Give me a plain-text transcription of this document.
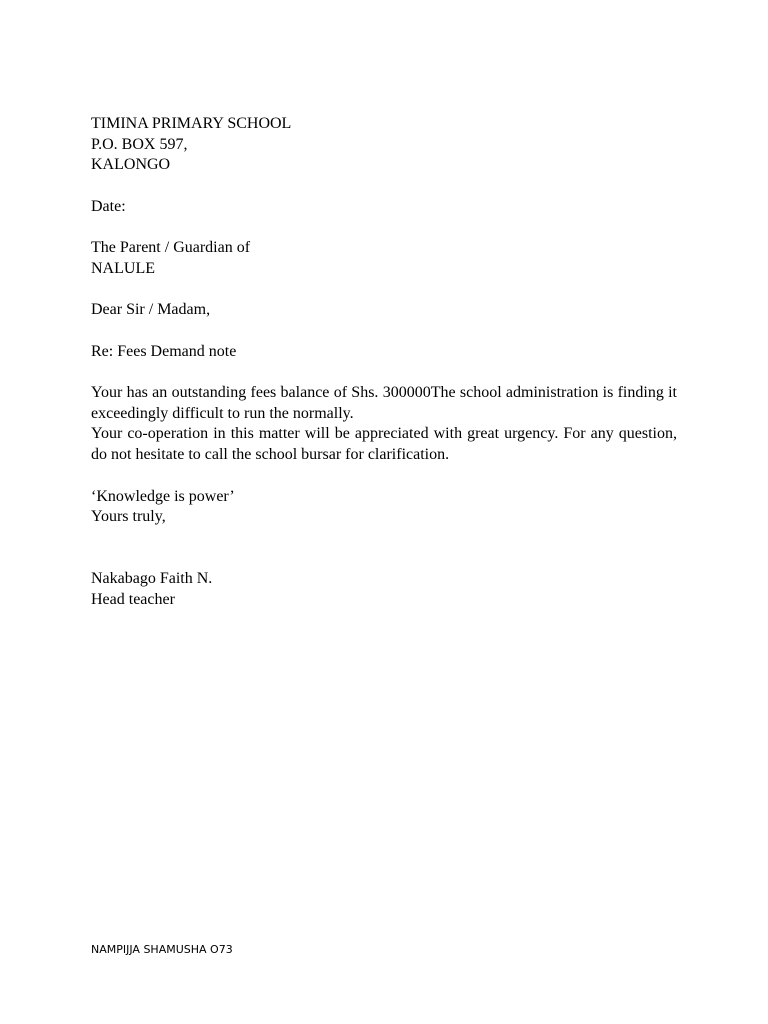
TIMINA PRIMARY SCHOOL
P.O. BOX 597,
KALONGO
Date:
The Parent / Guardian of
NALULE
Dear Sir / Madam,
Re: Fees Demand note

Your has an outstanding fees balance of Shs. 300000The school administration is finding it exceedingly difficult to run the normally.

Your co-operation in this matter will be appreciated with great urgency. For any question, do not hesitate to call the school bursar for clarification.

‘Knowledge is power’
Yours truly,
Nakabago Faith N.
Head teacher
NAMPIJJA SHAMUSHA O73
